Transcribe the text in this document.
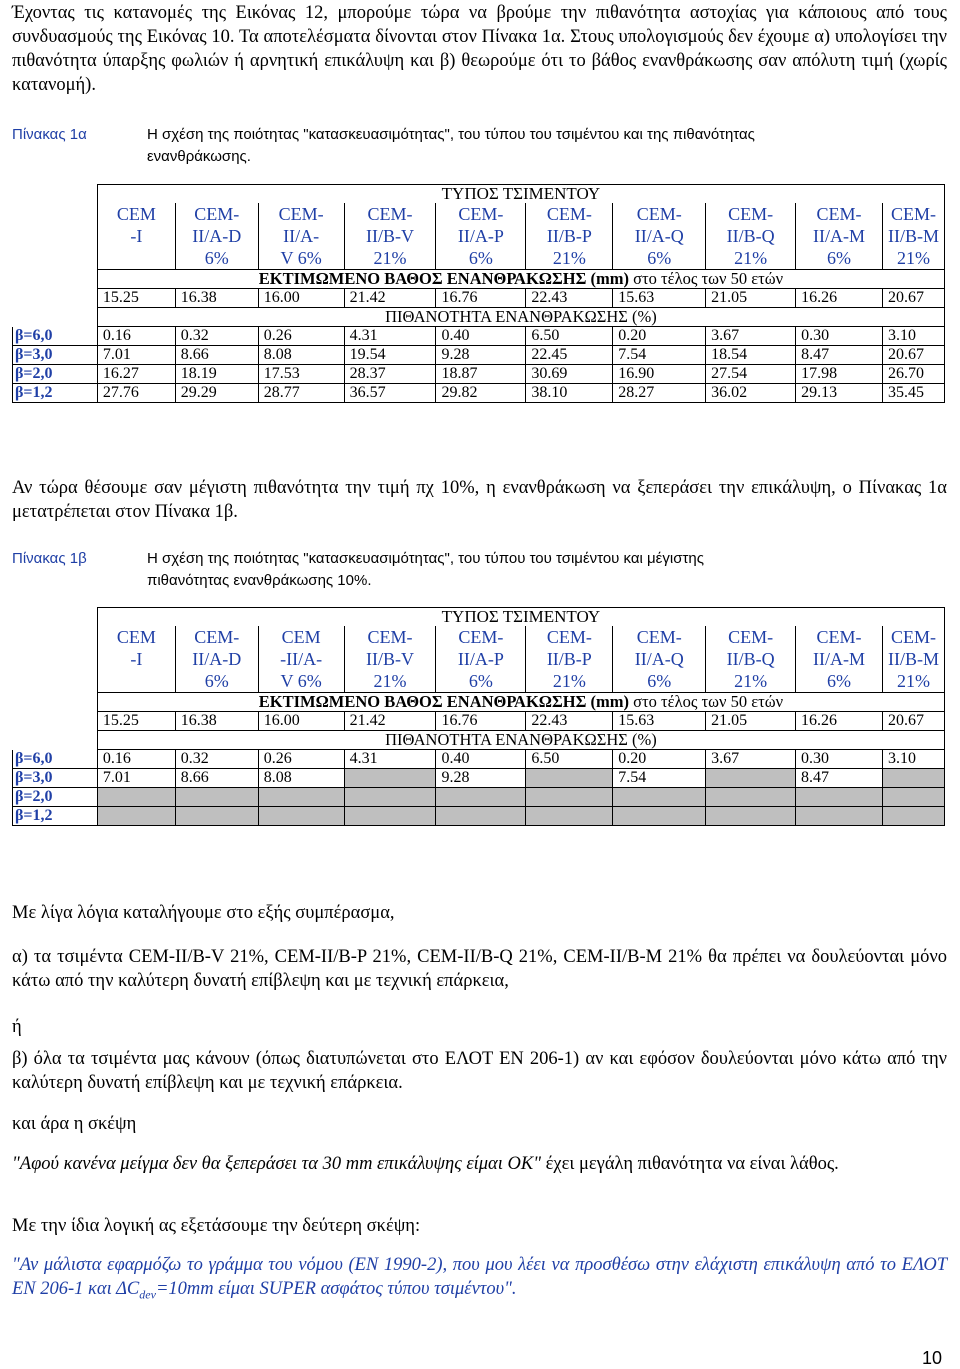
Έχοντας τις κατανομές της Εικόνας 12, μπορούμε τώρα να βρούμε την πιθανότητα αστοχίας για κάποιους από τους συνδυασμούς της Εικόνας 10. Τα αποτελέσματα δίνονται στον Πίνακα 1α. Στους υπολογισμούς δεν έχουμε α) υπολογίσει την πιθανότητα ύπαρξης φωλιών ή αρνητική επικάλυψη και β) θεωρούμε ότι το βάθος ενανθράκωσης σαν απόλυτη τιμή (χωρίς κατανομή).

Πίνακας 1α	Η σχέση της ποιότητας "κατασκευασιμότητας", του τύπου του τσιμέντου και της πιθανότητας
ενανθράκωσης.
	ΤΥΠΟΣ ΤΣΙΜΕΝΤΟΥ									

	CEM
-I	CEM-
II/A-D
6%	CEM-
II/A-
V 6%	CEM-
II/B-V
21%	CEM-
II/A-P
6%	CEM-
II/B-P
21%	CEM-
II/A-Q
6%	CEM-
II/B-Q
21%	CEM-
II/A-M
6%	CEM-
II/B-M
21%

	ΕΚΤΙΜΩΜΕΝΟ ΒΑΘΟΣ ΕΝΑΝΘΡΑΚΩΣΗΣ (mm) στο τέλος των 50 ετών									
	15.25	16.38	16.00	21.42	16.76	22.43	15.63	21.05	16.26	20.67
	ΠΙΘΑΝΟΤΗΤΑ ΕΝΑΝΘΡΑΚΩΣΗΣ (%)									
β=6,0	0.16	0.32	0.26	4.31	0.40	6.50	0.20	3.67	0.30	3.10
β=3,0	7.01	8.66	8.08	19.54	9.28	22.45	7.54	18.54	8.47	20.67
β=2,0	16.27	18.19	17.53	28.37	18.87	30.69	16.90	27.54	17.98	26.70
β=1,2	27.76	29.29	28.77	36.57	29.82	38.10	28.27	36.02	29.13	35.45

Αν τώρα θέσουμε σαν μέγιστη πιθανότητα την τιμή πχ 10%, η ενανθράκωση να ξεπεράσει την επικάλυψη, ο Πίνακας 1α μετατρέπεται στον Πίνακα 1β.

Πίνακας 1β	Η σχέση της ποιότητας "κατασκευασιμότητας", του τύπου του τσιμέντου και μέγιστης
πιθανότητας ενανθράκωσης 10%.
	ΤΥΠΟΣ ΤΣΙΜΕΝΤΟΥ									

	CEM
-I	CEM-
II/A-D
6%	CEM
-II/A-
V 6%	CEM-
II/B-V
21%	CEM-
II/A-P
6%	CEM-
II/B-P
21%	CEM-
II/A-Q
6%	CEM-
II/B-Q
21%	CEM-
II/A-M
6%	CEM-
II/B-M
21%

	ΕΚΤΙΜΩΜΕΝΟ ΒΑΘΟΣ ΕΝΑΝΘΡΑΚΩΣΗΣ (mm) στο τέλος των 50 ετών									
	15.25	16.38	16.00	21.42	16.76	22.43	15.63	21.05	16.26	20.67
	ΠΙΘΑΝΟΤΗΤΑ ΕΝΑΝΘΡΑΚΩΣΗΣ (%)									
β=6,0	0.16	0.32	0.26	4.31	0.40	6.50	0.20	3.67	0.30	3.10
β=3,0	7.01	8.66	8.08		9.28		7.54		8.47	
β=2,0										
β=1,2										

Με λίγα λόγια καταλήγουμε στο εξής συμπέρασμα,

α) τα τσιμέντα CEM-II/B-V 21%, CEM-II/B-P 21%, CEM-II/B-Q 21%, CEM-II/B-M 21% θα πρέπει να δουλεύονται μόνο κάτω από την καλύτερη δυνατή επίβλεψη και με τεχνική επάρκεια,

ή

β) όλα τα τσιμέντα μας κάνουν (όπως διατυπώνεται στο ΕΛΟΤ ΕΝ 206-1) αν και εφόσον δουλεύονται μόνο κάτω από την καλύτερη δυνατή επίβλεψη και με τεχνική επάρκεια.

και άρα η σκέψη

"Αφού κανένα μείγμα δεν θα ξεπεράσει τα 30 mm επικάλυψης είμαι ΟΚ" έχει μεγάλη πιθανότητα να είναι λάθος.

Με την ίδια λογική ας εξετάσουμε την δεύτερη σκέψη:

"Αν μάλιστα εφαρμόζω το γράμμα του νόμου (ΕΝ 1990-2), που μου λέει να προσθέσω στην ελάχιστη επικάλυψη από το ΕΛΟΤ ΕΝ 206-1 και $\Delta C_{dev}=10mm$ είμαι SUPER ασφάτος τύπου τσιμέντου".

10
